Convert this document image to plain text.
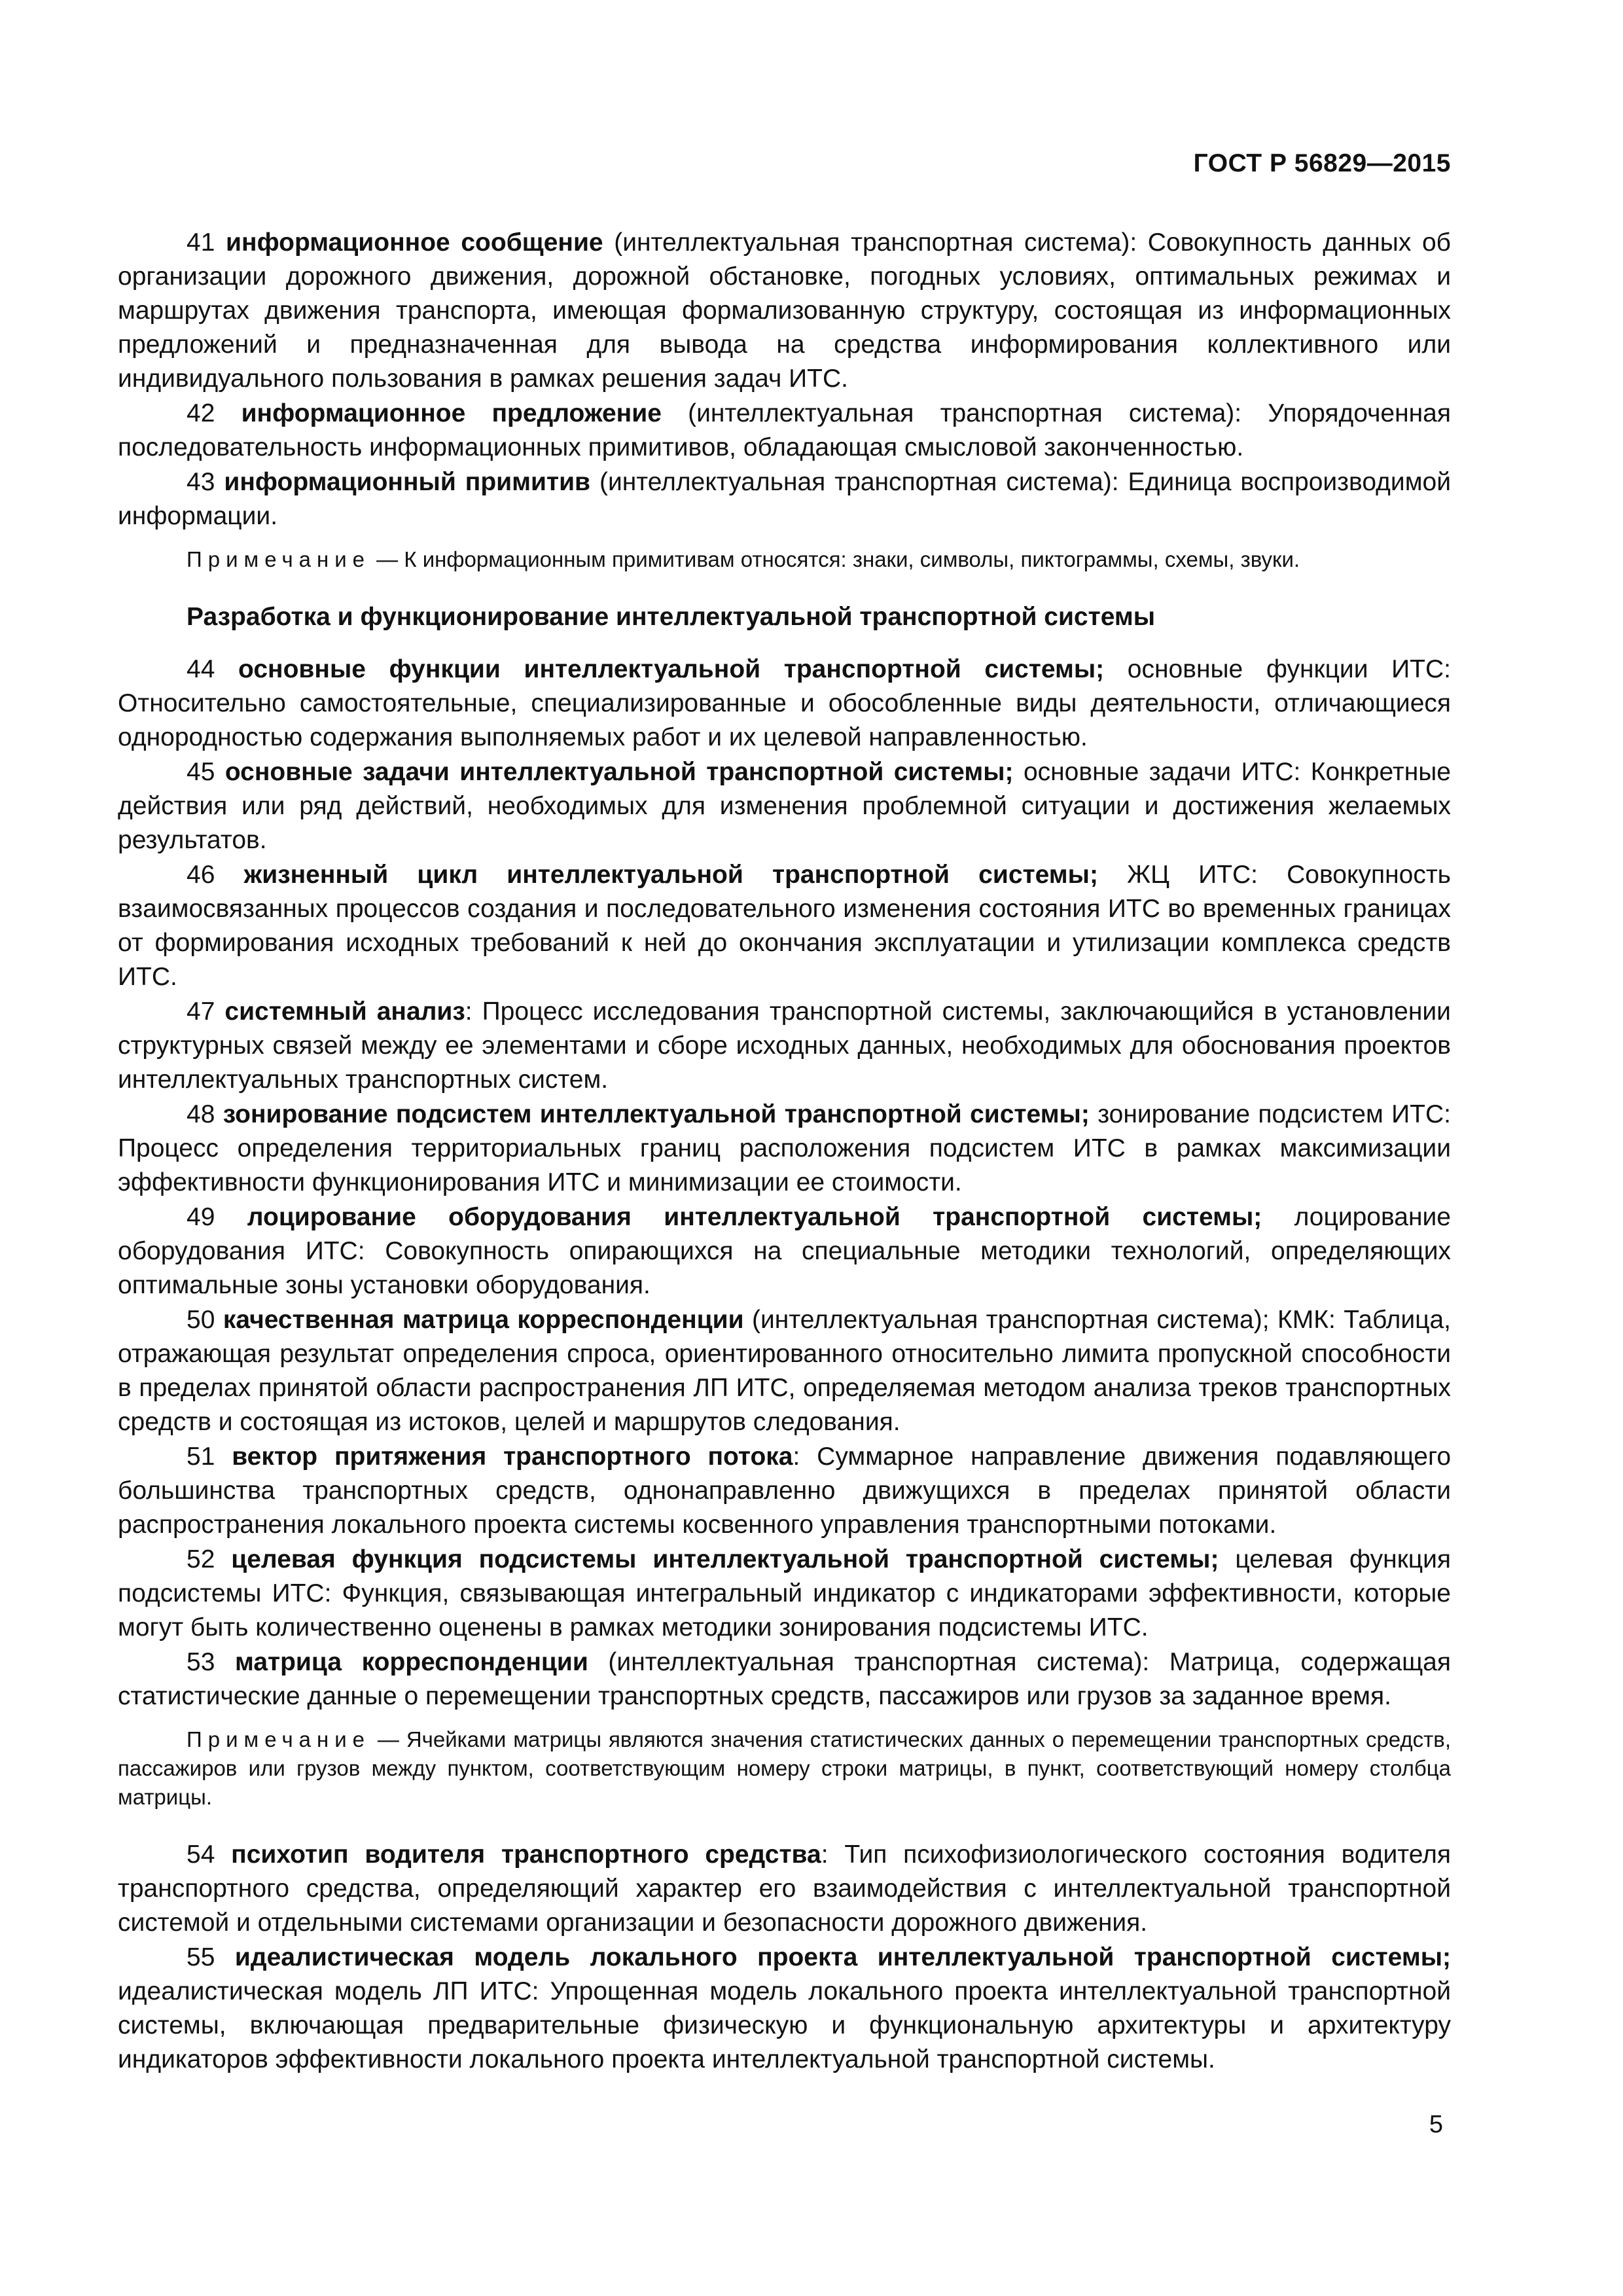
ГОСТ Р 56829—2015

41 информационное сообщение (интеллектуальная транспортная система): Совокупность данных об организации дорожного движения, дорожной обстановке, погодных условиях, оптимальных режимах и маршрутах движения транспорта, имеющая формализованную структуру, состоящая из информационных предложений и предназначенная для вывода на средства информирования коллективного или индивидуального пользования в рамках решения задач ИТС.

42 информационное предложение (интеллектуальная транспортная система): Упорядоченная последовательность информационных примитивов, обладающая смысловой законченностью.

43 информационный примитив (интеллектуальная транспортная система): Единица воспроизводимой информации.

Примечание — К информационным примитивам относятся: знаки, символы, пиктограммы, схемы, звуки.

Разработка и функционирование интеллектуальной транспортной системы

44 основные функции интеллектуальной транспортной системы; основные функции ИТС: Относительно самостоятельные, специализированные и обособленные виды деятельности, отличающиеся однородностью содержания выполняемых работ и их целевой направленностью.

45 основные задачи интеллектуальной транспортной системы; основные задачи ИТС: Конкретные действия или ряд действий, необходимых для изменения проблемной ситуации и достижения желаемых результатов.

46 жизненный цикл интеллектуальной транспортной системы; ЖЦ ИТС: Совокупность взаимосвязанных процессов создания и последовательного изменения состояния ИТС во временных границах от формирования исходных требований к ней до окончания эксплуатации и утилизации комплекса средств ИТС.

47 системный анализ: Процесс исследования транспортной системы, заключающийся в установлении структурных связей между ее элементами и сборе исходных данных, необходимых для обоснования проектов интеллектуальных транспортных систем.

48 зонирование подсистем интеллектуальной транспортной системы; зонирование подсистем ИТС: Процесс определения территориальных границ расположения подсистем ИТС в рамках максимизации эффективности функционирования ИТС и минимизации ее стоимости.

49 лоцирование оборудования интеллектуальной транспортной системы; лоцирование оборудования ИТС: Совокупность опирающихся на специальные методики технологий, определяющих оптимальные зоны установки оборудования.

50 качественная матрица корреспонденции (интеллектуальная транспортная система); КМК: Таблица, отражающая результат определения спроса, ориентированного относительно лимита пропускной способности в пределах принятой области распространения ЛП ИТС, определяемая методом анализа треков транспортных средств и состоящая из истоков, целей и маршрутов следования.

51 вектор притяжения транспортного потока: Суммарное направление движения подавляющего большинства транспортных средств, однонаправленно движущихся в пределах принятой области распространения локального проекта системы косвенного управления транспортными потоками.

52 целевая функция подсистемы интеллектуальной транспортной системы; целевая функция подсистемы ИТС: Функция, связывающая интегральный индикатор с индикаторами эффективности, которые могут быть количественно оценены в рамках методики зонирования подсистемы ИТС.

53 матрица корреспонденции (интеллектуальная транспортная система): Матрица, содержащая статистические данные о перемещении транспортных средств, пассажиров или грузов за заданное время.

Примечание — Ячейками матрицы являются значения статистических данных о перемещении транспортных средств, пассажиров или грузов между пунктом, соответствующим номеру строки матрицы, в пункт, соответствующий номеру столбца матрицы.

54 психотип водителя транспортного средства: Тип психофизиологического состояния водителя транспортного средства, определяющий характер его взаимодействия с интеллектуальной транспортной системой и отдельными системами организации и безопасности дорожного движения.

55 идеалистическая модель локального проекта интеллектуальной транспортной системы; идеалистическая модель ЛП ИТС: Упрощенная модель локального проекта интеллектуальной транспортной системы, включающая предварительные физическую и функциональную архитектуры и архитектуру индикаторов эффективности локального проекта интеллектуальной транспортной системы.

5
